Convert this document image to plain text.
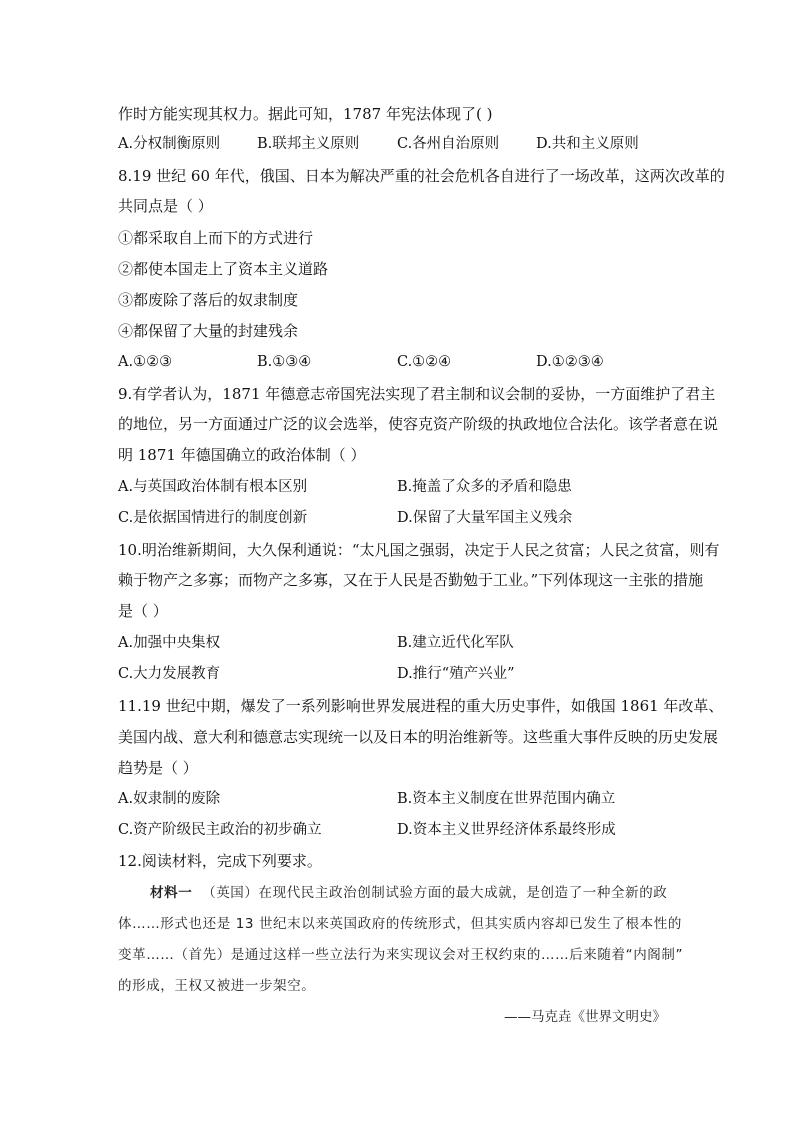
作时方能实现其权力。据此可知，1787 年宪法体现了( )
A.分权制衡原则	B.联邦主义原则	C.各州自治原则	D.共和主义原则
8.19 世纪 60 年代，俄国、日本为解决严重的社会危机各自进行了一场改革，这两次改革的
共同点是（ ）
①都采取自上而下的方式进行
②都使本国走上了资本主义道路
③都废除了落后的奴隶制度
④都保留了大量的封建残余
A.①②③	B.①③④	C.①②④	D.①②③④
9.有学者认为，1871 年德意志帝国宪法实现了君主制和议会制的妥协，一方面维护了君主
的地位，另一方面通过广泛的议会选举，使容克资产阶级的执政地位合法化。该学者意在说
明 1871 年德国确立的政治体制（ ）
A.与英国政治体制有根本区别	B.掩盖了众多的矛盾和隐患
C.是依据国情进行的制度创新	D.保留了大量军国主义残余
10.明治维新期间，大久保利通说：“太凡国之强弱，决定于人民之贫富；人民之贫富，则有
赖于物产之多寡；而物产之多寡，又在于人民是否勤勉于工业。”下列体现这一主张的措施
是（ ）
A.加强中央集权	B.建立近代化军队
C.大力发展教育	D.推行“殖产兴业”
11.19 世纪中期，爆发了一系列影响世界发展进程的重大历史事件，如俄国 1861 年改革、
美国内战、意大利和德意志实现统一以及日本的明治维新等。这些重大事件反映的历史发展
趋势是（ ）
A.奴隶制的废除	B.资本主义制度在世界范围内确立
C.资产阶级民主政治的初步确立	D.资本主义世界经济体系最终形成
12.阅读材料，完成下列要求。
材料一 （英国）在现代民主政治创制试验方面的最大成就，是创造了一种全新的政
体……形式也还是 13 世纪末以来英国政府的传统形式，但其实质内容却已发生了根本性的
变革……（首先）是通过这样一些立法行为来实现议会对王权约束的……后来随着“内阁制”
的形成，王权又被进一步架空。
——马克垚《世界文明史》
